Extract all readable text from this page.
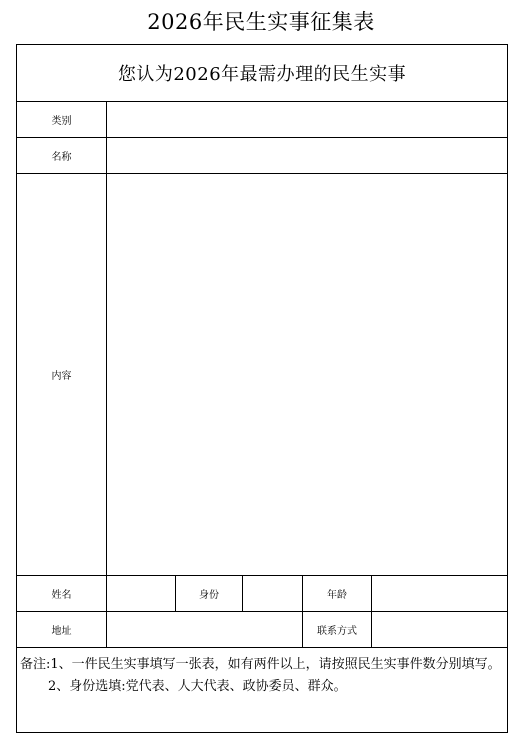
2026年民生实事征集表
您认为2026年最需办理的民生实事
类别
名称
内容
姓名	身份	年龄
地址	联系方式
备注:1、一件民生实事填写一张表，如有两件以上，请按照民生实事件数分别填写。
2、身份选填:党代表、人大代表、政协委员、群众。
